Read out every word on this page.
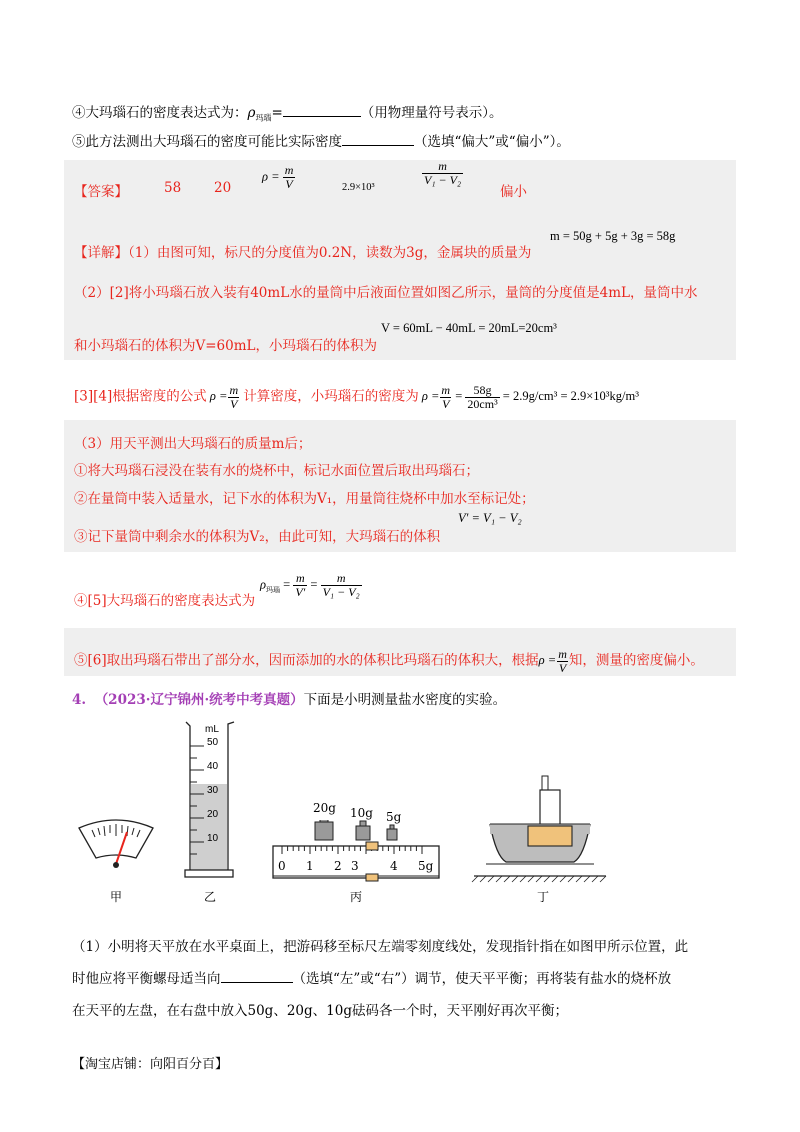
④大玛瑙石的密度表达式为：$\rho_{玛瑙}=$	（用物理量符号表示）。
⑤此方法测出大玛瑙石的密度可能比实际密度	（选填“偏大”或“偏小”）。
【答案】	58 20
$\rho = \frac{m}{V}$	2.9×10³
$\frac{m}{\text{V₁ − V₂}}$
偏小
【详解】（1）由图可知，标尺的分度值为0.2N，读数为3g，金属块的质量为
m = 50g + 5g + 3g = 58g
（2）[2]将小玛瑙石放入装有40mL水的量筒中后液面位置如图乙所示，量筒的分度值是4mL，量筒中水
和小玛瑙石的体积为V=60mL，小玛瑙石的体积为
V = 60mL − 40mL = 20mL=20cm³
[3][4]根据密度的公式 $\rho = \frac{m}{V}$ 计算密度，小玛瑙石的密度为 $\rho = \frac{m}{V} = \frac{58g}{\text{20cm³}} = 2.9g/cm^3 = 2.9\times 10^3kg/m^3$
（3）用天平测出大玛瑙石的质量m后；
①将大玛瑙石浸没在装有水的烧杯中，标记水面位置后取出玛瑙石；
②在量筒中装入适量水，记下水的体积为V₁，用量筒往烧杯中加水至标记处；
③记下量筒中剩余水的体积为V₂，由此可知，大玛瑙石的体积
V′ = V₁ − V₂
④[5]大玛瑙石的密度表达式为
$\rho_{玛瑙} = \frac{m}{V'} = \frac{m}{\text{V₁ − V₂}}$
⑤[6]取出玛瑙石带出了部分水，因而添加的水的体积比玛瑙石的体积大，根据$\rho = \frac{m}{V}$ 知，测量的密度偏小。
4. （2023·辽宁锦州·统考中考真题）下面是小明测量盐水密度的实验。
mL
50
40
30
20
10
20g 10g 5g
0 1 2 3	4 5g
甲	乙	丙	丁
（1）小明将天平放在水平桌面上，把游码移至标尺左端零刻度线处，发现指针指在如图甲所示位置，此
时他应将平衡螺母适当向	（选填“左”或“右”）调节，使天平平衡；再将装有盐水的烧杯放
在天平的左盘，在右盘中放入50g、20g、10g砝码各一个时，天平刚好再次平衡；
【淘宝店铺：向阳百分百】
